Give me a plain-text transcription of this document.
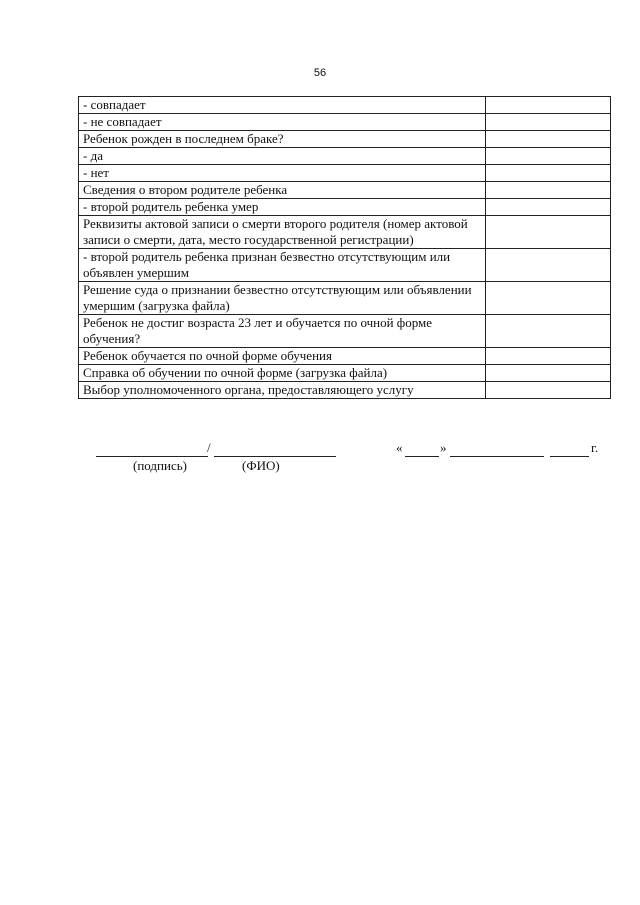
56
- совпадает	
- не совпадает	
Ребенок рожден в последнем браке?	
- да	
- нет	
Сведения о втором родителе ребенка	
- второй родитель ребенка умер	
Реквизиты актовой записи о смерти второго родителя (номер актовой записи о смерти, дата, место государственной регистрации)	
- второй родитель ребенка признан безвестно отсутствующим или объявлен умершим	
Решение суда о признании безвестно отсутствующим или объявлении умершим (загрузка файла)	
Ребенок не достиг возраста 23 лет и обучается по очной форме обучения?	
Ребенок обучается по очной форме обучения	
Справка об обучении по очной форме (загрузка файла)	
Выбор уполномоченного органа, предоставляющего услугу	
/
(подпись)	(ФИО)
«	»	г.
